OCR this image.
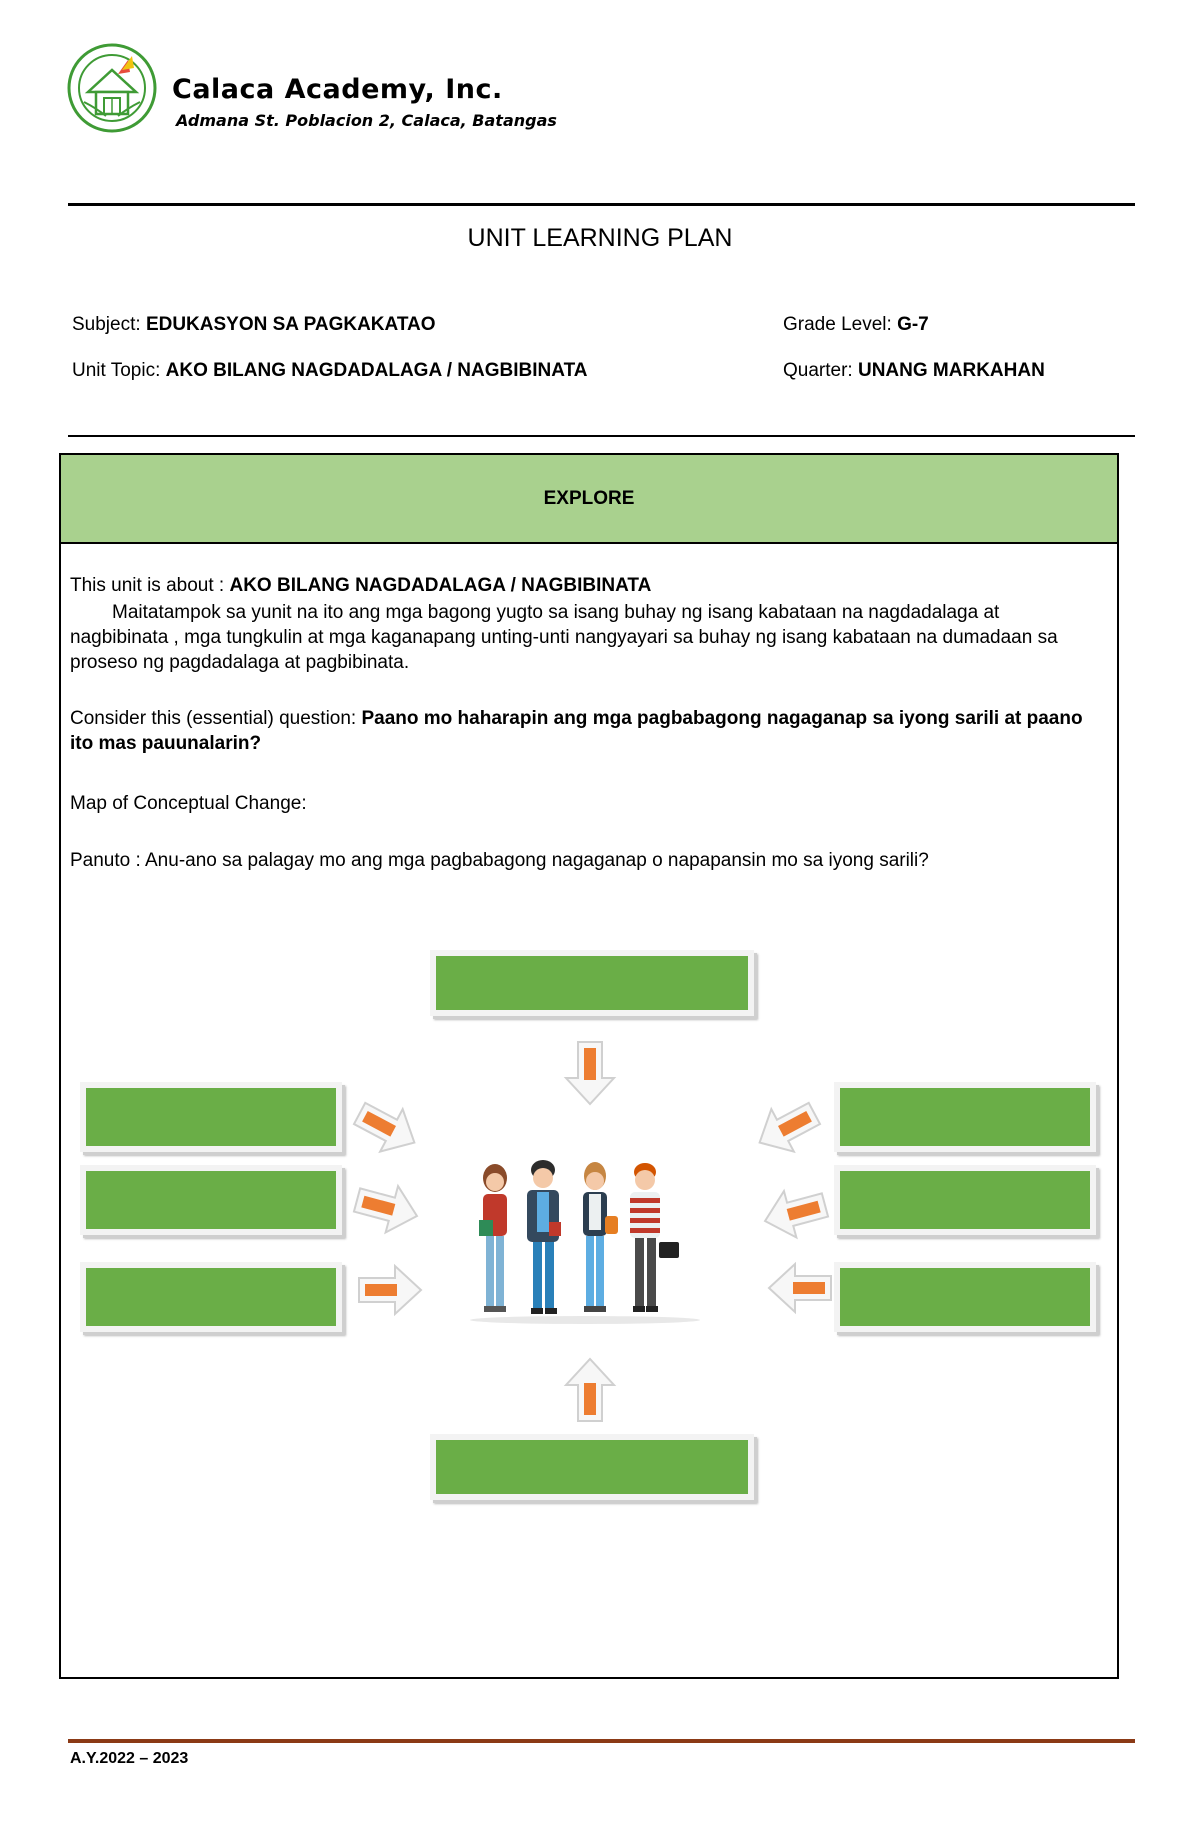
Calaca Academy, Inc.
Admana St. Poblacion 2, Calaca, Batangas
UNIT LEARNING PLAN
Subject: EDUKASYON SA PAGKAKATAO	Grade Level: G-7
Unit Topic: AKO BILANG NAGDADALAGA / NAGBIBINATA	Quarter: UNANG MARKAHAN
EXPLORE
This unit is about : AKO BILANG NAGDADALAGA / NAGBIBINATA
Maitatampok sa yunit na ito ang mga bagong yugto sa isang buhay ng isang kabataan na nagdadalaga at nagbibinata , mga tungkulin at mga kaganapang unting-unti nangyayari sa buhay ng isang kabataan na dumadaan sa proseso ng pagdadalaga at pagbibinata.
Consider this (essential) question: Paano mo haharapin ang mga pagbabagong nagaganap sa iyong sarili at paano ito mas pauunalarin?
Map of Conceptual Change:
Panuto : Anu-ano sa palagay mo ang mga pagbabagong nagaganap o napapansin mo sa iyong sarili?
A.Y.2022 – 2023
